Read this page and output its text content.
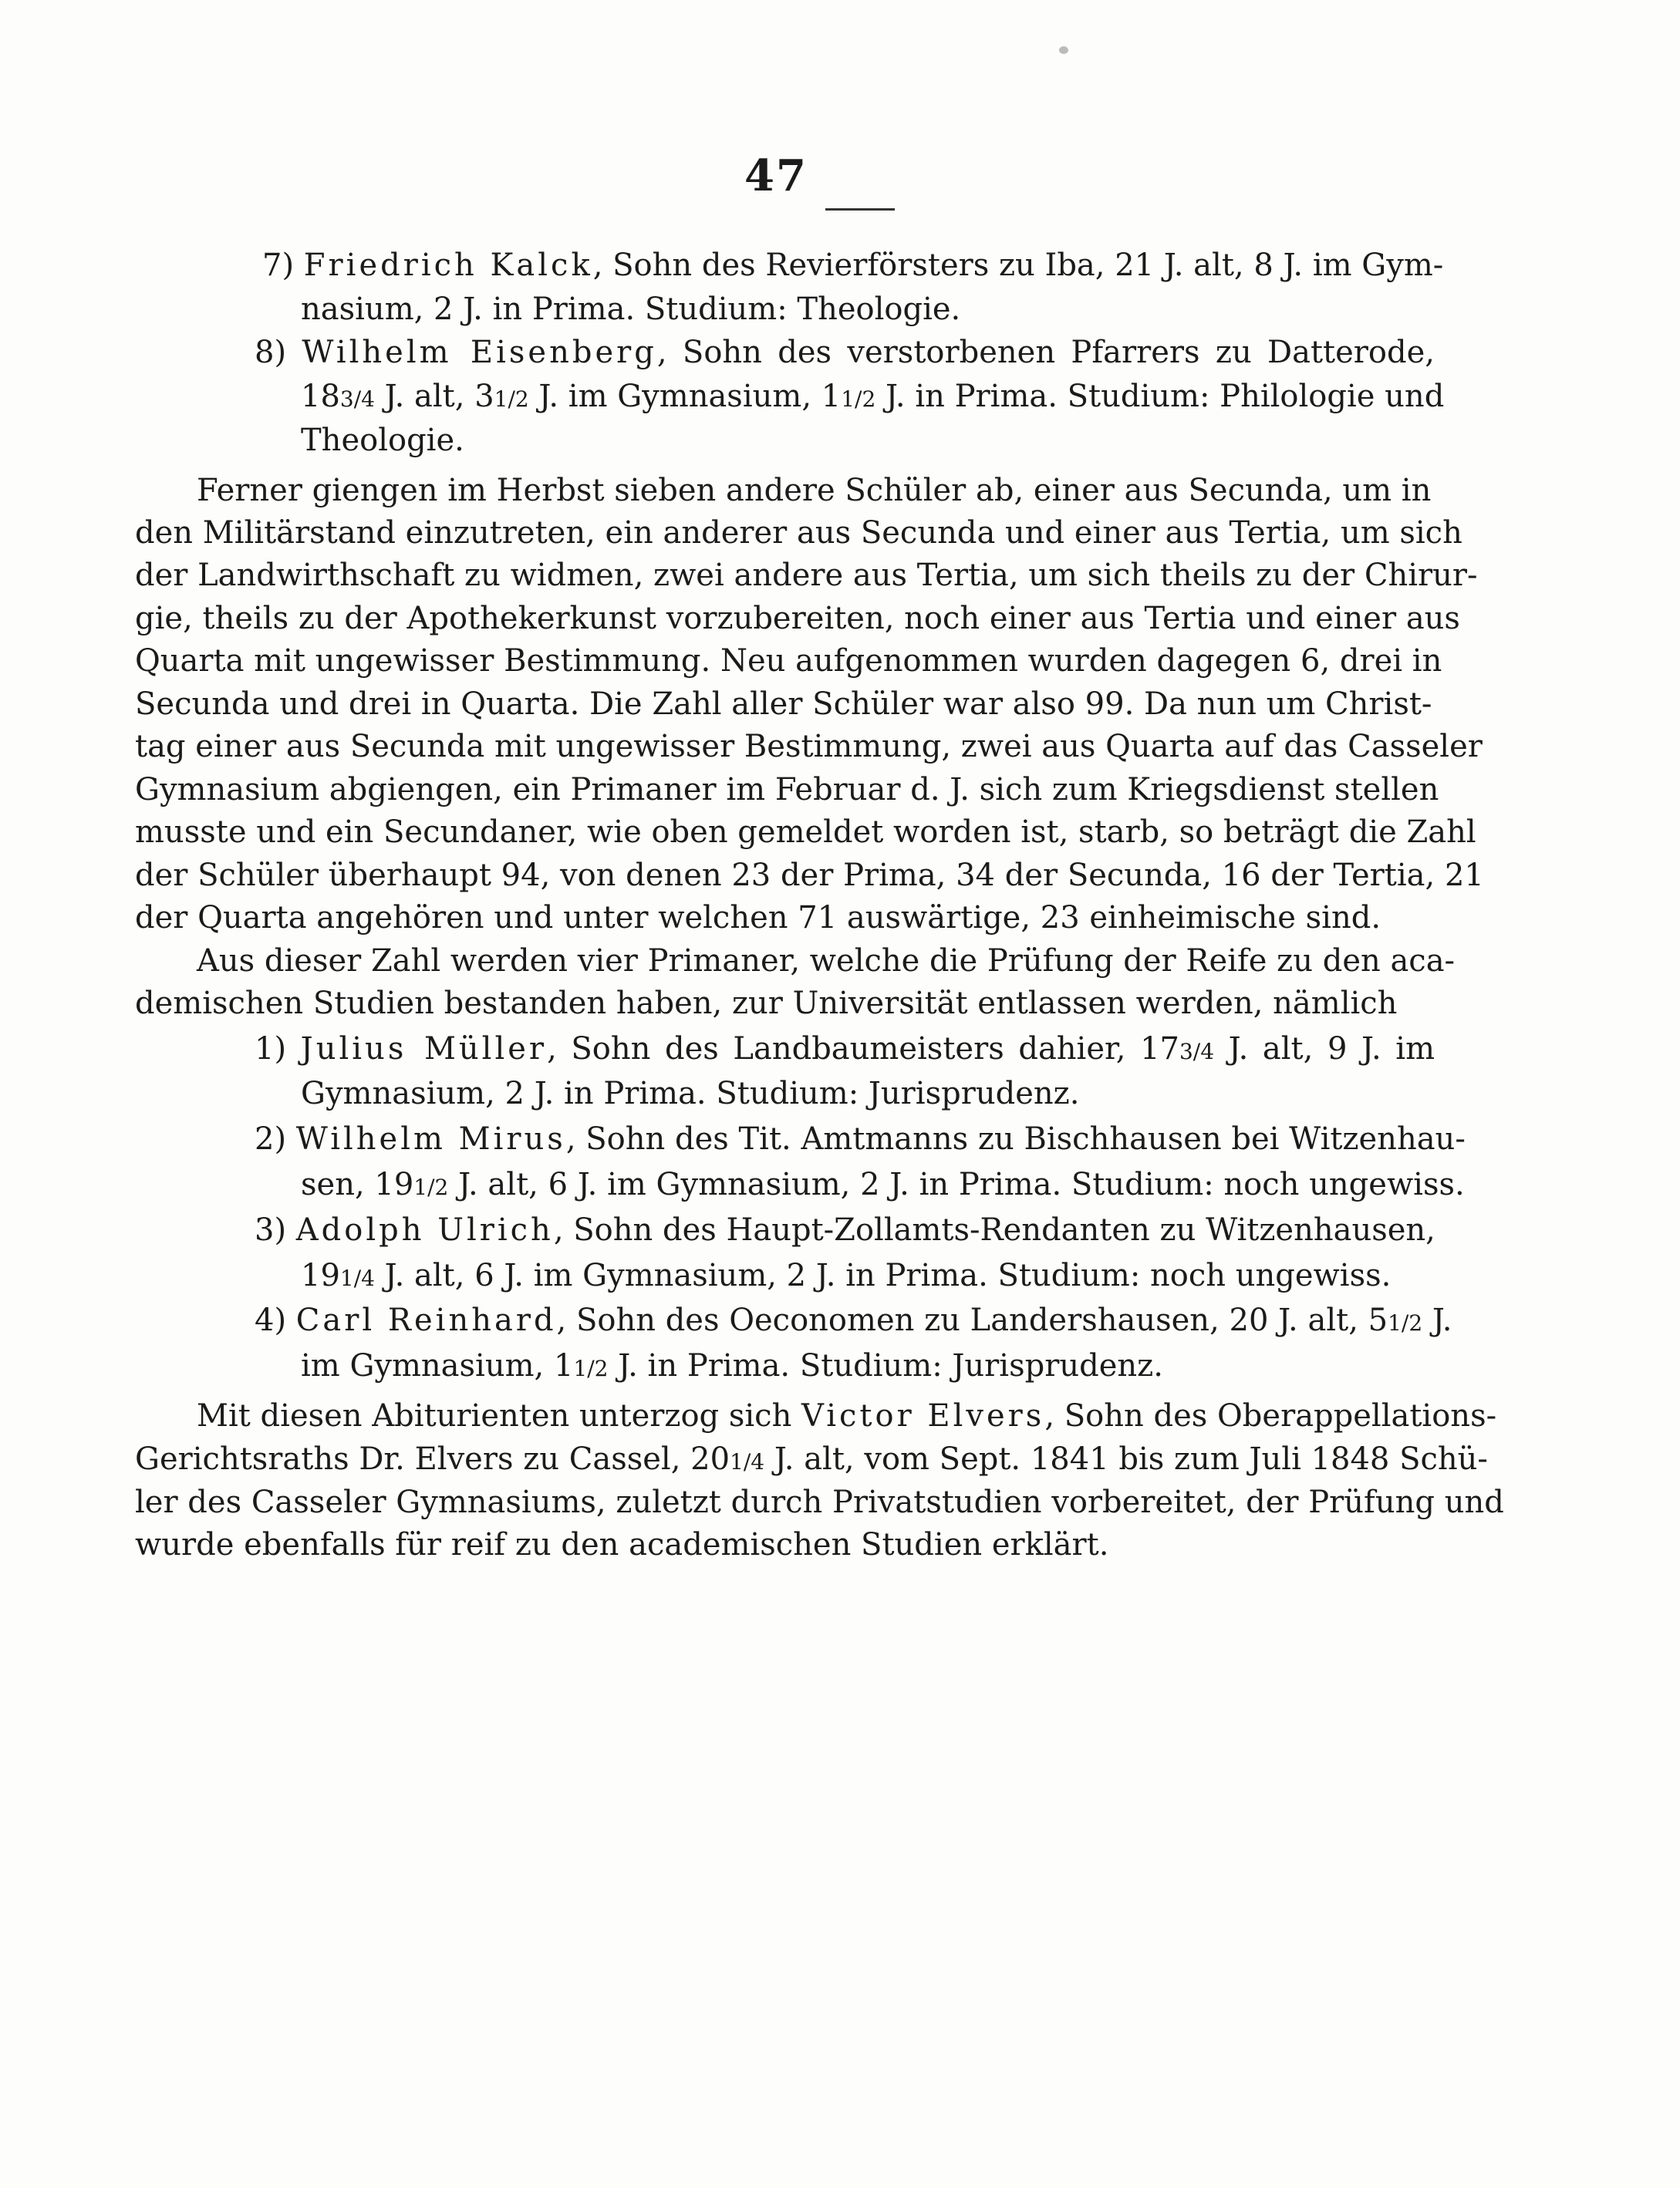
47
7) Friedrich Kalck, Sohn des Revierförsters zu Iba, 21 J. alt, 8 J. im Gym-
nasium, 2 J. in Prima. Studium: Theologie.
8) Wilhelm Eisenberg, Sohn des verstorbenen Pfarrers zu Datterode,
183/4 J. alt, 31/2 J. im Gymnasium, 11/2 J. in Prima. Studium: Philologie und
Theologie.
Ferner giengen im Herbst sieben andere Schüler ab, einer aus Secunda, um in
den Militärstand einzutreten, ein anderer aus Secunda und einer aus Tertia, um sich
der Landwirthschaft zu widmen, zwei andere aus Tertia, um sich theils zu der Chirur-
gie, theils zu der Apothekerkunst vorzubereiten, noch einer aus Tertia und einer aus
Quarta mit ungewisser Bestimmung. Neu aufgenommen wurden dagegen 6, drei in
Secunda und drei in Quarta. Die Zahl aller Schüler war also 99. Da nun um Christ-
tag einer aus Secunda mit ungewisser Bestimmung, zwei aus Quarta auf das Casseler
Gymnasium abgiengen, ein Primaner im Februar d. J. sich zum Kriegsdienst stellen
musste und ein Secundaner, wie oben gemeldet worden ist, starb, so beträgt die Zahl
der Schüler überhaupt 94, von denen 23 der Prima, 34 der Secunda, 16 der Tertia, 21
der Quarta angehören und unter welchen 71 auswärtige, 23 einheimische sind.
Aus dieser Zahl werden vier Primaner, welche die Prüfung der Reife zu den aca-
demischen Studien bestanden haben, zur Universität entlassen werden, nämlich
1) Julius Müller, Sohn des Landbaumeisters dahier, 173/4 J. alt, 9 J. im
Gymnasium, 2 J. in Prima. Studium: Jurisprudenz.
2) Wilhelm Mirus, Sohn des Tit. Amtmanns zu Bischhausen bei Witzenhau-
sen, 191/2 J. alt, 6 J. im Gymnasium, 2 J. in Prima. Studium: noch ungewiss.
3) Adolph Ulrich, Sohn des Haupt-Zollamts-Rendanten zu Witzenhausen,
191/4 J. alt, 6 J. im Gymnasium, 2 J. in Prima. Studium: noch ungewiss.
4) Carl Reinhard, Sohn des Oeconomen zu Landershausen, 20 J. alt, 51/2 J.
im Gymnasium, 11/2 J. in Prima. Studium: Jurisprudenz.
Mit diesen Abiturienten unterzog sich Victor Elvers, Sohn des Oberappellations-
Gerichtsraths Dr. Elvers zu Cassel, 201/4 J. alt, vom Sept. 1841 bis zum Juli 1848 Schü-
ler des Casseler Gymnasiums, zuletzt durch Privatstudien vorbereitet, der Prüfung und
wurde ebenfalls für reif zu den academischen Studien erklärt.
